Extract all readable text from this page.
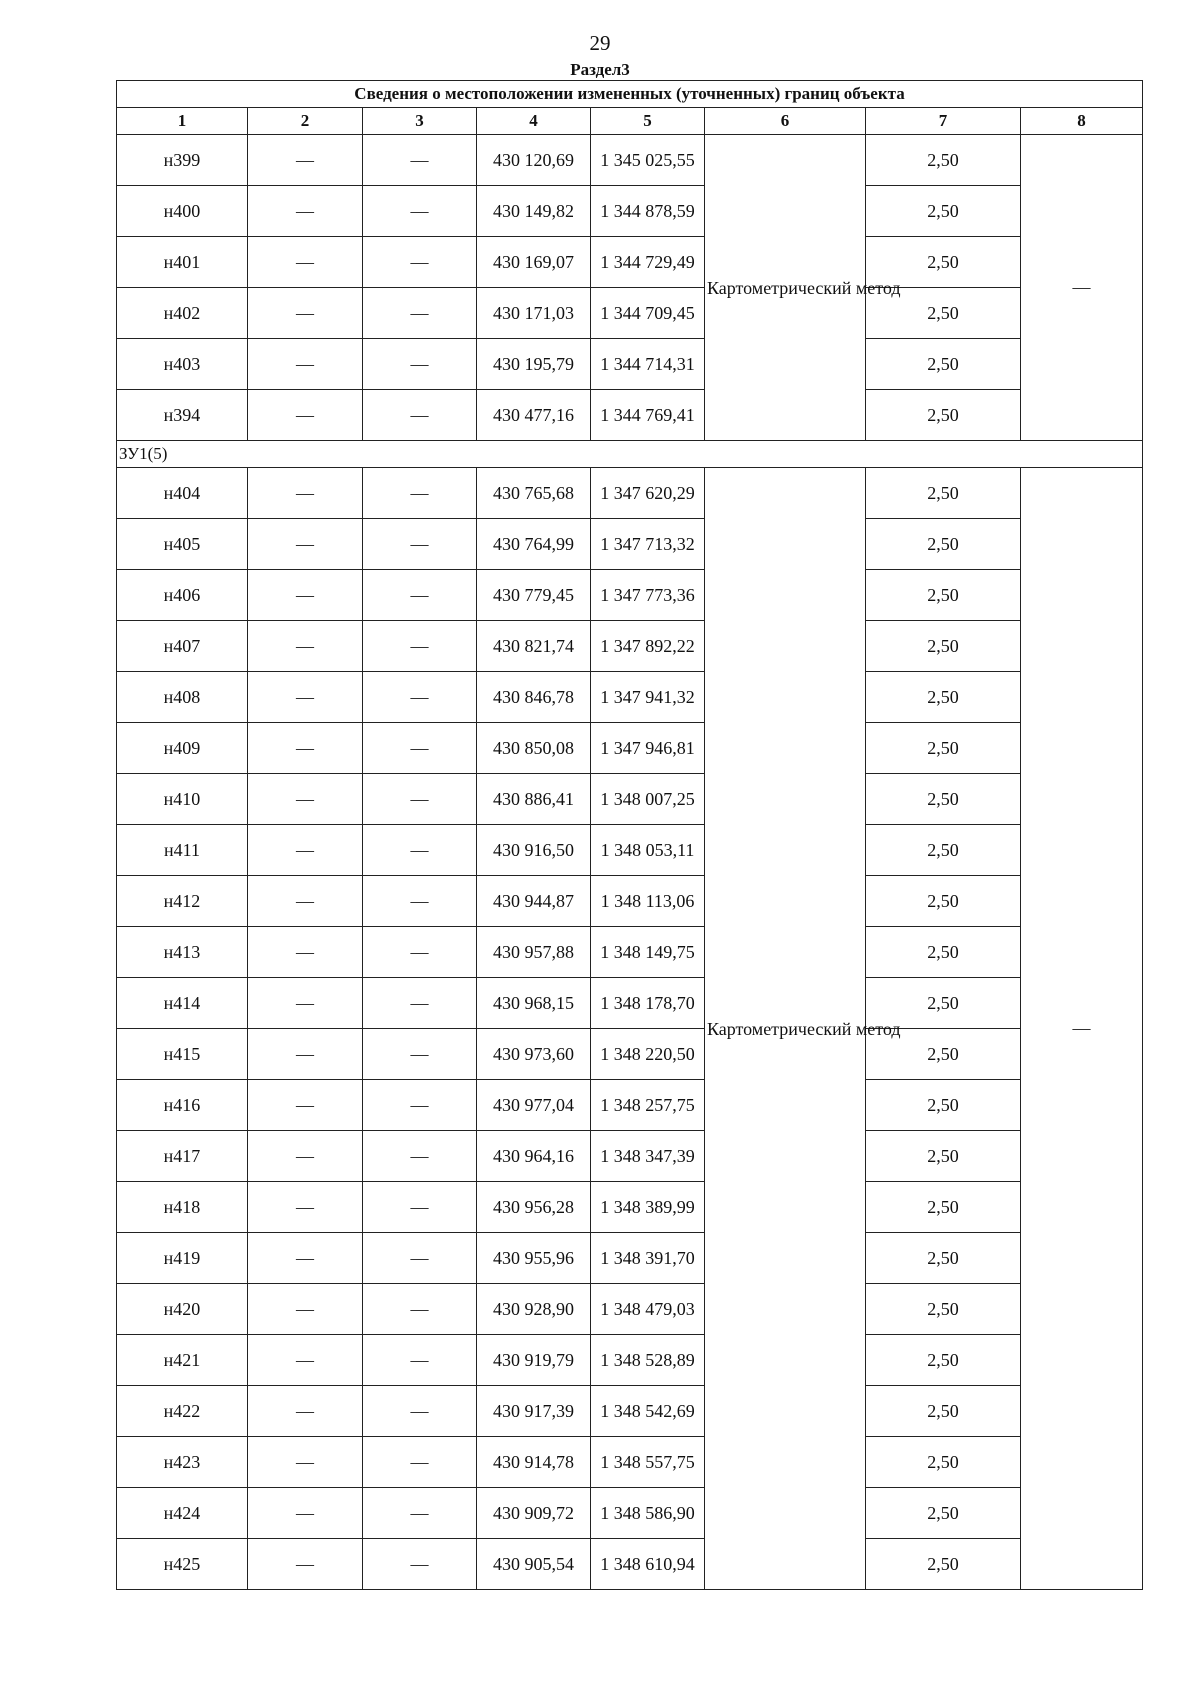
29
Раздел3
Сведения о местоположении измененных (уточненных) границ объекта							
1	2	3	4	5	6	7	8
н399	—	—	430 120,69	1 345 025,55	Картометрический метод	2,50	—
н400	—	—	430 149,82	1 344 878,59		2,50	
н401	—	—	430 169,07	1 344 729,49		2,50	
н402	—	—	430 171,03	1 344 709,45		2,50	
н403	—	—	430 195,79	1 344 714,31		2,50	
н394	—	—	430 477,16	1 344 769,41		2,50	
ЗУ1(5)							
н404	—	—	430 765,68	1 347 620,29	Картометрический метод	2,50	—
н405	—	—	430 764,99	1 347 713,32		2,50	
н406	—	—	430 779,45	1 347 773,36		2,50	
н407	—	—	430 821,74	1 347 892,22		2,50	
н408	—	—	430 846,78	1 347 941,32		2,50	
н409	—	—	430 850,08	1 347 946,81		2,50	
н410	—	—	430 886,41	1 348 007,25		2,50	
н411	—	—	430 916,50	1 348 053,11		2,50	
н412	—	—	430 944,87	1 348 113,06		2,50	
н413	—	—	430 957,88	1 348 149,75		2,50	
н414	—	—	430 968,15	1 348 178,70		2,50	
н415	—	—	430 973,60	1 348 220,50		2,50	
н416	—	—	430 977,04	1 348 257,75		2,50	
н417	—	—	430 964,16	1 348 347,39		2,50	
н418	—	—	430 956,28	1 348 389,99		2,50	
н419	—	—	430 955,96	1 348 391,70		2,50	
н420	—	—	430 928,90	1 348 479,03		2,50	
н421	—	—	430 919,79	1 348 528,89		2,50	
н422	—	—	430 917,39	1 348 542,69		2,50	
н423	—	—	430 914,78	1 348 557,75		2,50	
н424	—	—	430 909,72	1 348 586,90		2,50	
н425	—	—	430 905,54	1 348 610,94		2,50	
